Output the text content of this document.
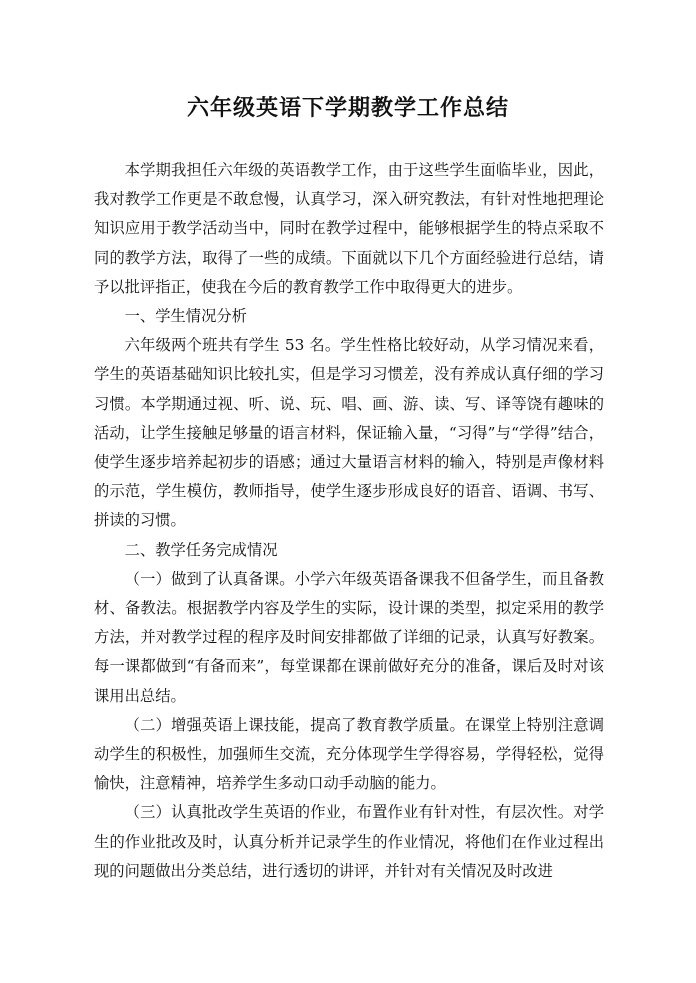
六年级英语下学期教学工作总结

本学期我担任六年级的英语教学工作，由于这些学生面临毕业，因此，我对教学工作更是不敢怠慢，认真学习，深入研究教法，有针对性地把理论知识应用于教学活动当中，同时在教学过程中，能够根据学生的特点采取不同的教学方法，取得了一些的成绩。下面就以下几个方面经验进行总结，请予以批评指正，使我在今后的教育教学工作中取得更大的进步。

一、学生情况分析

六年级两个班共有学生 53 名。学生性格比较好动，从学习情况来看，学生的英语基础知识比较扎实，但是学习习惯差，没有养成认真仔细的学习习惯。本学期通过视、听、说、玩、唱、画、游、读、写、译等饶有趣味的活动，让学生接触足够量的语言材料，保证输入量，“习得”与“学得”结合，使学生逐步培养起初步的语感；通过大量语言材料的输入，特别是声像材料的示范，学生模仿，教师指导，使学生逐步形成良好的语音、语调、书写、拼读的习惯。

二、教学任务完成情况

（一）做到了认真备课。小学六年级英语备课我不但备学生，而且备教材、备教法。根据教学内容及学生的实际，设计课的类型，拟定采用的教学方法，并对教学过程的程序及时间安排都做了详细的记录，认真写好教案。每一课都做到“有备而来”，每堂课都在课前做好充分的准备，课后及时对该课用出总结。

（二）增强英语上课技能，提高了教育教学质量。在课堂上特别注意调动学生的积极性，加强师生交流，充分体现学生学得容易，学得轻松，觉得愉快，注意精神，培养学生多动口动手动脑的能力。

（三）认真批改学生英语的作业，布置作业有针对性，有层次性。对学生的作业批改及时，认真分析并记录学生的作业情况，将他们在作业过程出现的问题做出分类总结，进行透切的讲评，并针对有关情况及时改进
